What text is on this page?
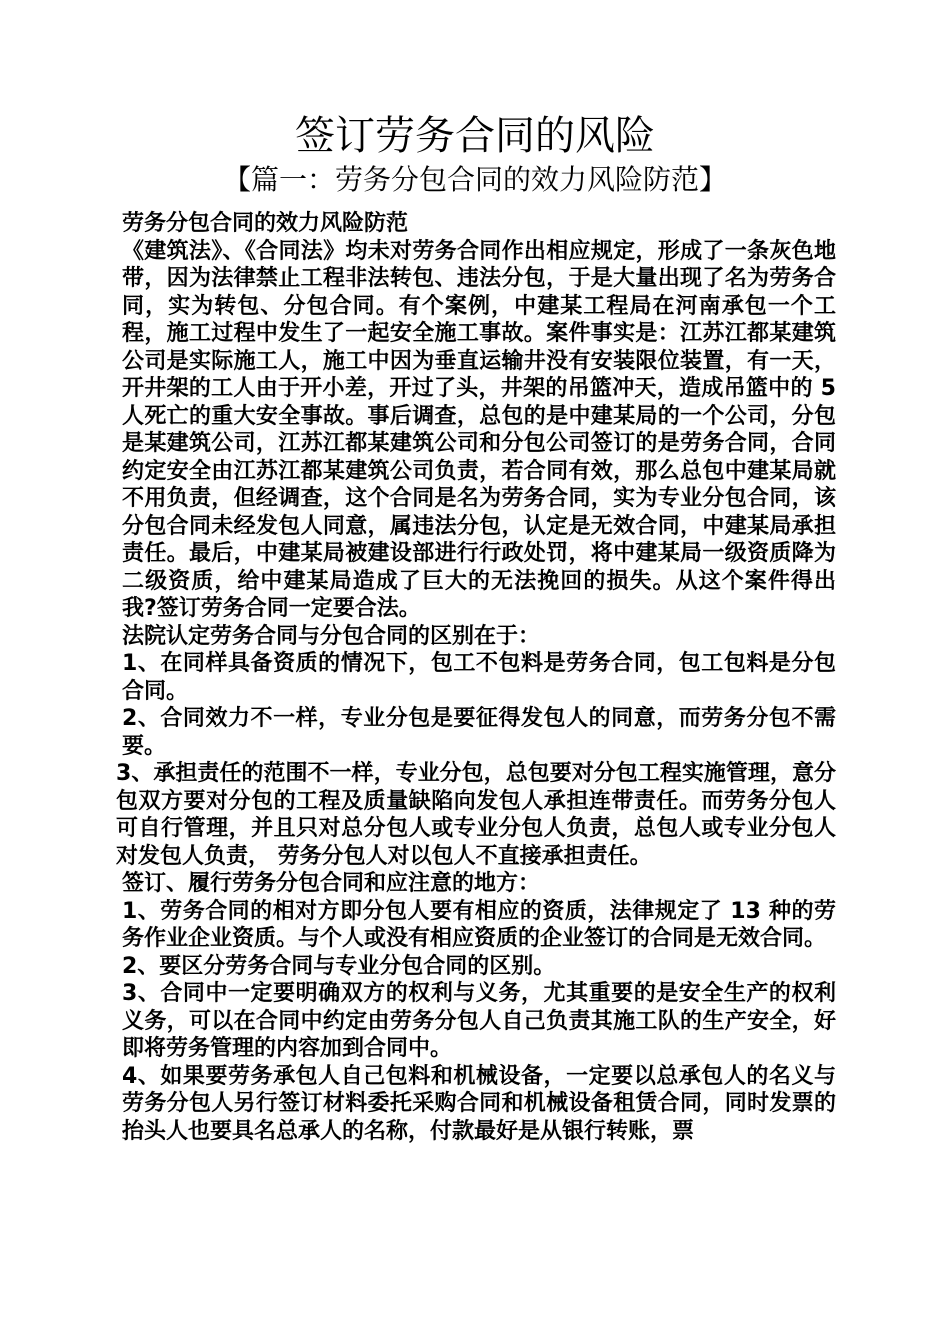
签订劳务合同的风险
【篇一：劳务分包合同的效力风险防范】

劳务分包合同的效力风险防范

《建筑法》、《合同法》均未对劳务合同作出相应规定，形成了一条灰色地带，因为法律禁止工程非法转包、违法分包，于是大量出现了名为劳务合同，实为转包、分包合同。有个案例，中建某工程局在河南承包一个工程，施工过程中发生了一起安全施工事故。案件事实是：江苏江都某建筑公司是实际施工人，施工中因为垂直运输井没有安装限位装置，有一天，开井架的工人由于开小差，开过了头，井架的吊篮冲天，造成吊篮中的 5 人死亡的重大安全事故。事后调查，总包的是中建某局的一个公司，分包是某建筑公司，江苏江都某建筑公司和分包公司签订的是劳务合同，合同约定安全由江苏江都某建筑公司负责，若合同有效，那么总包中建某局就不用负责，但经调查，这个合同是名为劳务合同，实为专业分包合同，该分包合同未经发包人同意，属违法分包，认定是无效合同，中建某局承担责任。最后，中建某局被建设部进行行政处罚，将中建某局一级资质降为二级资质，给中建某局造成了巨大的无法挽回的损失。从这个案件得出我?签订劳务合同一定要合法。

法院认定劳务合同与分包合同的区别在于：

1、在同样具备资质的情况下，包工不包料是劳务合同，包工包料是分包合同。

2、合同效力不一样，专业分包是要征得发包人的同意，而劳务分包不需要。

3、承担责任的范围不一样，专业分包，总包要对分包工程实施管理，意分包双方要对分包的工程及质量缺陷向发包人承担连带责任。而劳务分包人可自行管理，并且只对总分包人或专业分包人负责，总包人或专业分包人对发包人负责， 劳务分包人对以包人不直接承担责任。

签订、履行劳务分包合同和应注意的地方：

1、劳务合同的相对方即分包人要有相应的资质，法律规定了 13 种的劳务作业企业资质。与个人或没有相应资质的企业签订的合同是无效合同。

2、要区分劳务合同与专业分包合同的区别。

3、合同中一定要明确双方的权利与义务，尤其重要的是安全生产的权利义务，可以在合同中约定由劳务分包人自己负责其施工队的生产安全，好即将劳务管理的内容加到合同中。

4、如果要劳务承包人自己包料和机械设备，一定要以总承包人的名义与劳务分包人另行签订材料委托采购合同和机械设备租赁合同，同时发票的抬头人也要具名总承人的名称，付款最好是从银行转账，票
